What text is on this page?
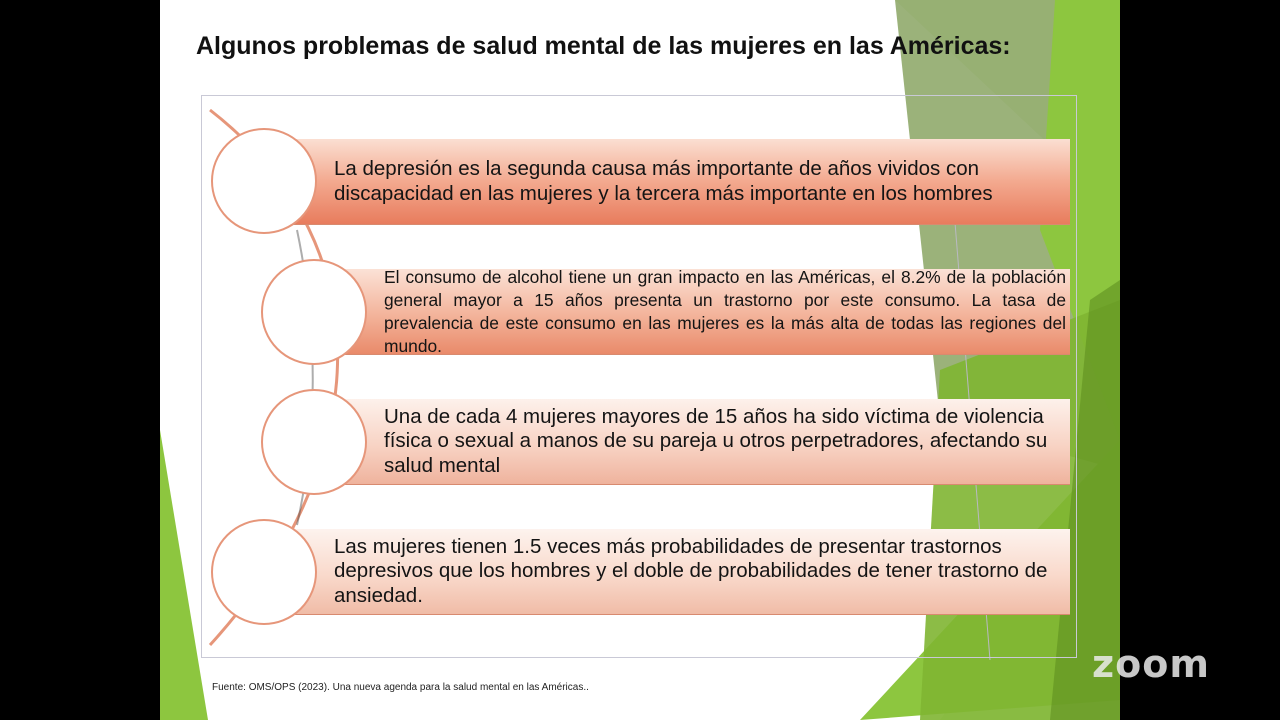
Algunos problemas de salud mental de las mujeres en las Américas:
La depresión es la segunda causa más importante de años vividos con discapacidad en las mujeres y la tercera más importante en los hombres
El consumo de alcohol tiene un gran impacto en las Américas, el 8.2% de la población general mayor a 15 años presenta un trastorno por este consumo. La tasa de prevalencia de este consumo en las mujeres es la más alta de todas las regiones del mundo.
Una de cada 4 mujeres mayores de 15 años ha sido víctima de violencia física o sexual a manos de su pareja u otros perpetradores, afectando su salud mental
Las mujeres tienen 1.5 veces más probabilidades de presentar trastornos depresivos que los hombres y el doble de probabilidades de tener trastorno de ansiedad.
Fuente: OMS/OPS (2023). Una nueva agenda para la salud mental en las Américas..
zoom
